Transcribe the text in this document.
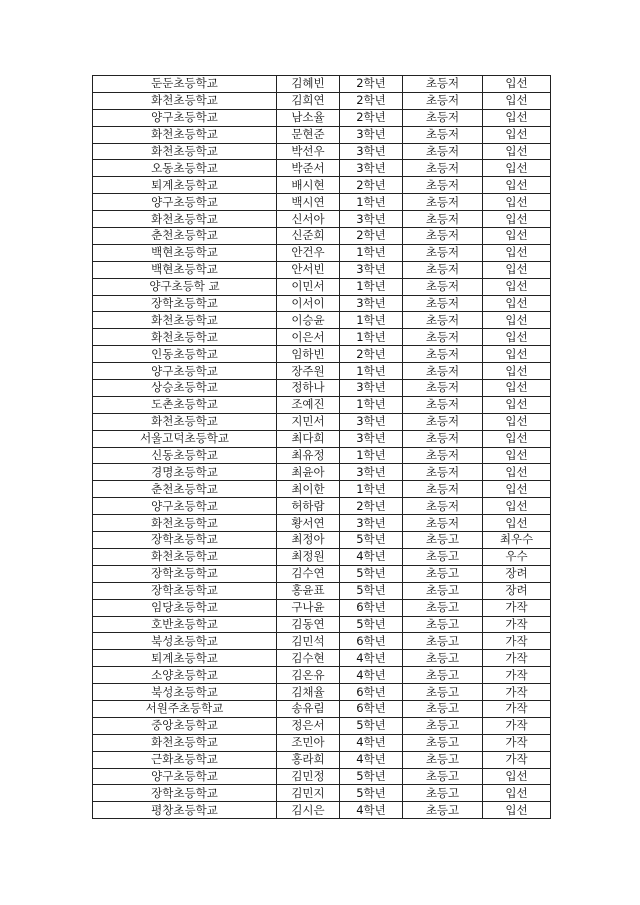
둔둔초등학교	김혜빈	2학년	초등저	입선
화천초등학교	김희연	2학년	초등저	입선
양구초등학교	남소율	2학년	초등저	입선
화천초등학교	문현준	3학년	초등저	입선
화천초등학교	박선우	3학년	초등저	입선
오동초등학교	박준서	3학년	초등저	입선
퇴계초등학교	배시현	2학년	초등저	입선
양구초등학교	백시연	1학년	초등저	입선
화천초등학교	신서아	3학년	초등저	입선
춘천초등학교	신준희	2학년	초등저	입선
백현초등학교	안건우	1학년	초등저	입선
백현초등학교	안서빈	3학년	초등저	입선
양구초등학 교	이민서	1학년	초등저	입선
장학초등학교	이서이	3학년	초등저	입선
화천초등학교	이승윤	1학년	초등저	입선
화천초등학교	이은서	1학년	초등저	입선
인동초등학교	임하빈	2학년	초등저	입선
양구초등학교	장주원	1학년	초등저	입선
상승초등학교	정하나	3학년	초등저	입선
도촌초등학교	조예진	1학년	초등저	입선
화천초등학교	지민서	3학년	초등저	입선
서울고덕초등학교	최다희	3학년	초등저	입선
신동초등학교	최유정	1학년	초등저	입선
경명초등학교	최윤아	3학년	초등저	입선
춘천초등학교	최이한	1학년	초등저	입선
양구초등학교	허하람	2학년	초등저	입선
화천초등학교	황서연	3학년	초등저	입선
장학초등학교	최정아	5학년	초등고	최우수
화천초등학교	최정원	4학년	초등고	우수
장학초등학교	김수연	5학년	초등고	장려
장학초등학교	홍윤표	5학년	초등고	장려
임당초등학교	구나윤	6학년	초등고	가작
호반초등학교	김동연	5학년	초등고	가작
북성초등학교	김민석	6학년	초등고	가작
퇴계초등학교	김수현	4학년	초등고	가작
소양초등학교	김온유	4학년	초등고	가작
북성초등학교	김채율	6학년	초등고	가작
서원주초등학교	송유림	6학년	초등고	가작
중앙초등학교	정은서	5학년	초등고	가작
화천초등학교	조민아	4학년	초등고	가작
근화초등학교	홍라희	4학년	초등고	가작
양구초등학교	김민정	5학년	초등고	입선
장학초등학교	김민지	5학년	초등고	입선
평창초등학교	김시은	4학년	초등고	입선
